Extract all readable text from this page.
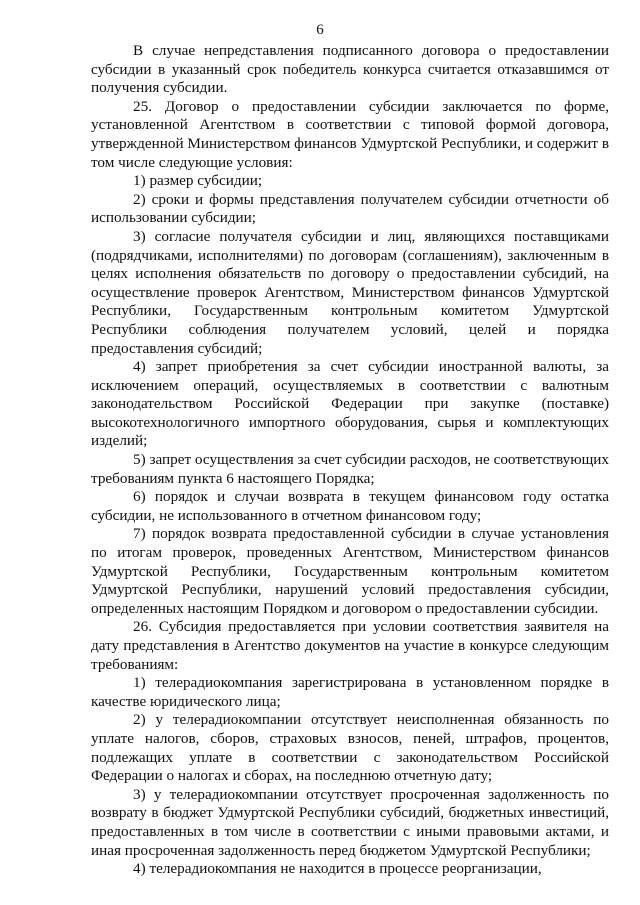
6

В случае непредставления подписанного договора о предоставлении субсидии в указанный срок победитель конкурса считается отказавшимся от получения субсидии.

25. Договор о предоставлении субсидии заключается по форме, установленной Агентством в соответствии с типовой формой договора, утвержденной Министерством финансов Удмуртской Республики, и содержит в том числе следующие условия:

1) размер субсидии;

2) сроки и формы представления получателем субсидии отчетности об использовании субсидии;

3) согласие получателя субсидии и лиц, являющихся поставщиками (подрядчиками, исполнителями) по договорам (соглашениям), заключенным в целях исполнения обязательств по договору о предоставлении субсидий, на осуществление проверок Агентством, Министерством финансов Удмуртской Республики, Государственным контрольным комитетом Удмуртской Республики соблюдения получателем условий, целей и порядка предоставления субсидий;

4) запрет приобретения за счет субсидии иностранной валюты, за исключением операций, осуществляемых в соответствии с валютным законодательством Российской Федерации при закупке (поставке) высокотехнологичного импортного оборудования, сырья и комплектующих изделий;

5) запрет осуществления за счет субсидии расходов, не соответствующих требованиям пункта 6 настоящего Порядка;

6) порядок и случаи возврата в текущем финансовом году остатка субсидии, не использованного в отчетном финансовом году;

7) порядок возврата предоставленной субсидии в случае установления по итогам проверок, проведенных Агентством, Министерством финансов Удмуртской Республики, Государственным контрольным комитетом Удмуртской Республики, нарушений условий предоставления субсидии, определенных настоящим Порядком и договором о предоставлении субсидии.

26. Субсидия предоставляется при условии соответствия заявителя на дату представления в Агентство документов на участие в конкурсе следующим требованиям:

1) телерадиокомпания зарегистрирована в установленном порядке в качестве юридического лица;

2) у телерадиокомпании отсутствует неисполненная обязанность по уплате налогов, сборов, страховых взносов, пеней, штрафов, процентов, подлежащих уплате в соответствии с законодательством Российской Федерации о налогах и сборах, на последнюю отчетную дату;

3) у телерадиокомпании отсутствует просроченная задолженность по возврату в бюджет Удмуртской Республики субсидий, бюджетных инвестиций, предоставленных в том числе в соответствии с иными правовыми актами, и иная просроченная задолженность перед бюджетом Удмуртской Республики;

4) телерадиокомпания не находится в процессе реорганизации,
